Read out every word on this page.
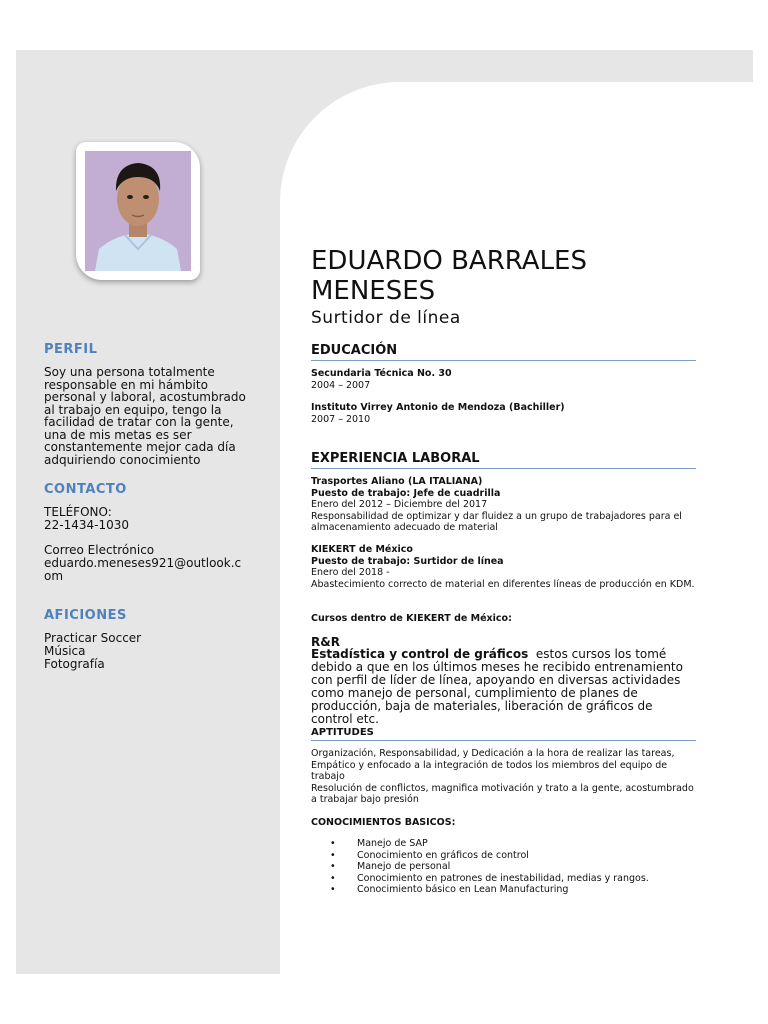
PERFIL
Soy una persona totalmente responsable en mi hámbito personal y laboral, acostumbrado al trabajo en equipo, tengo la facilidad de tratar con la gente, una de mis metas es ser constantemente mejor cada día adquiriendo conocimiento
CONTACTO
TELÉFONO:
22-1434-1030
Correo Electrónico
eduardo.meneses921@outlook.com
AFICIONES
Practicar Soccer
Música
Fotografía
EDUARDO BARRALES MENESES
Surtidor de línea
EDUCACIÓN
Secundaria Técnica No. 30
2004 – 2007
Instituto Virrey Antonio de Mendoza (Bachiller)
2007 – 2010
EXPERIENCIA LABORAL
Trasportes Aliano (LA ITALIANA)
Puesto de trabajo: Jefe de cuadrilla
Enero del 2012 – Diciembre del 2017
Responsabilidad de optimizar y dar fluidez a un grupo de trabajadores para el almacenamiento adecuado de material
KIEKERT de México
Puesto de trabajo: Surtidor de línea
Enero del 2018 -
Abastecimiento correcto de material en diferentes líneas de producción en KDM.
Cursos dentro de KIEKERT de México:
R&R
Estadística y control de gráficos estos cursos los tomé debido a que en los últimos meses he recibido entrenamiento con perfil de líder de línea, apoyando en diversas actividades como manejo de personal, cumplimiento de planes de producción, baja de materiales, liberación de gráficos de control etc.
APTITUDES
Organización, Responsabilidad, y Dedicación a la hora de realizar las tareas, Empático y enfocado a la integración de todos los miembros del equipo de trabajo
Resolución de conflictos, magnifica motivación y trato a la gente, acostumbrado a trabajar bajo presión
CONOCIMIENTOS BASICOS:
• Manejo de SAP
• Conocimiento en gráficos de control
• Manejo de personal
• Conocimiento en patrones de inestabilidad, medias y rangos.
• Conocimiento básico en Lean Manufacturing
